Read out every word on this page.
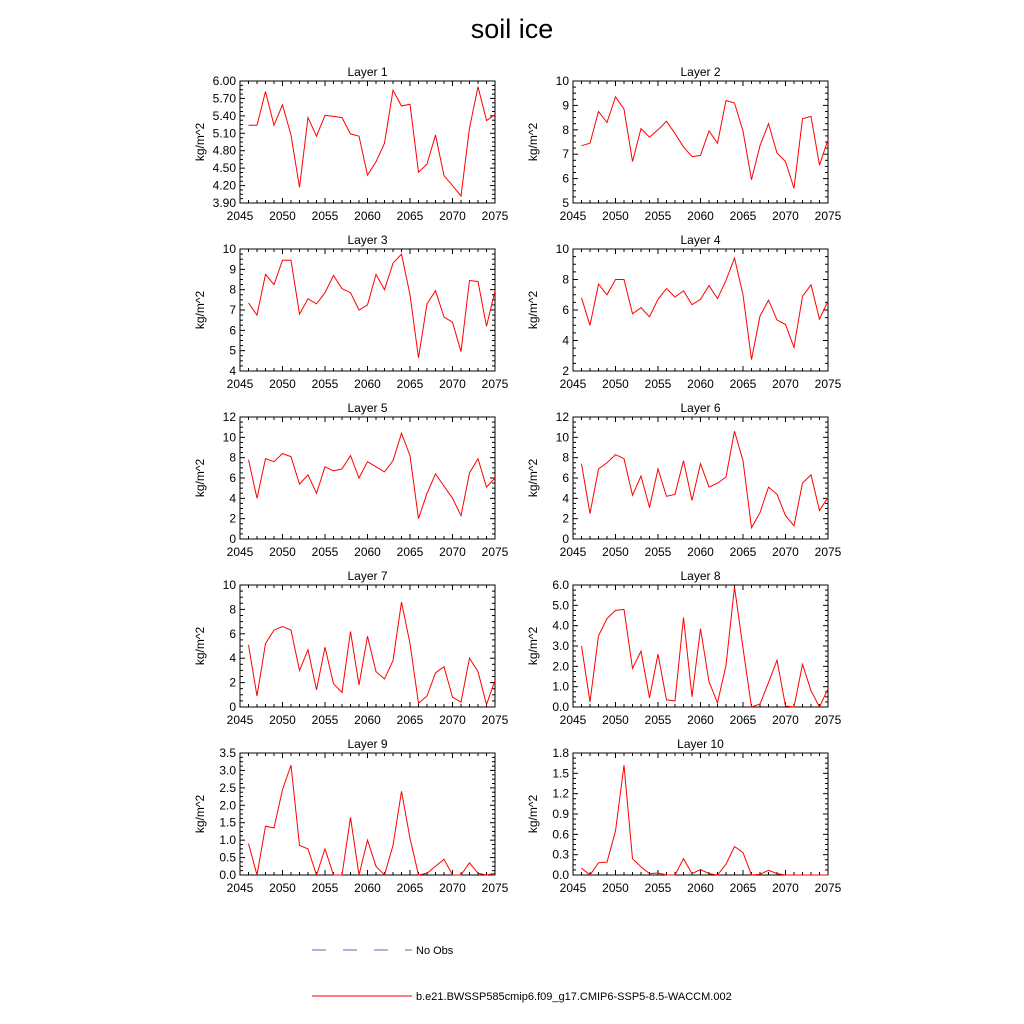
soil ice
Layer 1
kg/m^2
2045 2050 2055 2060 2065 2070 2075
3.90
4.20
4.50
4.80
5.10
5.40
5.70
6.00
Layer 2
kg/m^2
2045 2050 2055 2060 2065 2070 2075
5
6
7
8
9
10
Layer 3
kg/m^2
2045 2050 2055 2060 2065 2070 2075
4
5
6
7
8
9
10
Layer 4
kg/m^2
2045 2050 2055 2060 2065 2070 2075
2
4
6
8
10
Layer 5
kg/m^2
2045 2050 2055 2060 2065 2070 2075
0
2
4
6
8
10
12
Layer 6
kg/m^2
2045 2050 2055 2060 2065 2070 2075
0
2
4
6
8
10
12
Layer 7
kg/m^2
2045 2050 2055 2060 2065 2070 2075
0
2
4
6
8
10
Layer 8
kg/m^2
2045 2050 2055 2060 2065 2070 2075
0.0
1.0
2.0
3.0
4.0
5.0
6.0
Layer 9
kg/m^2
2045 2050 2055 2060 2065 2070 2075
0.0
0.5
1.0
1.5
2.0
2.5
3.0
3.5
Layer 10
kg/m^2
2045 2050 2055 2060 2065 2070 2075
0.0
0.3
0.6
0.9
1.2
1.5
1.8
No Obs
b.e21.BWSSP585cmip6.f09_g17.CMIP6-SSP5-8.5-WACCM.002
